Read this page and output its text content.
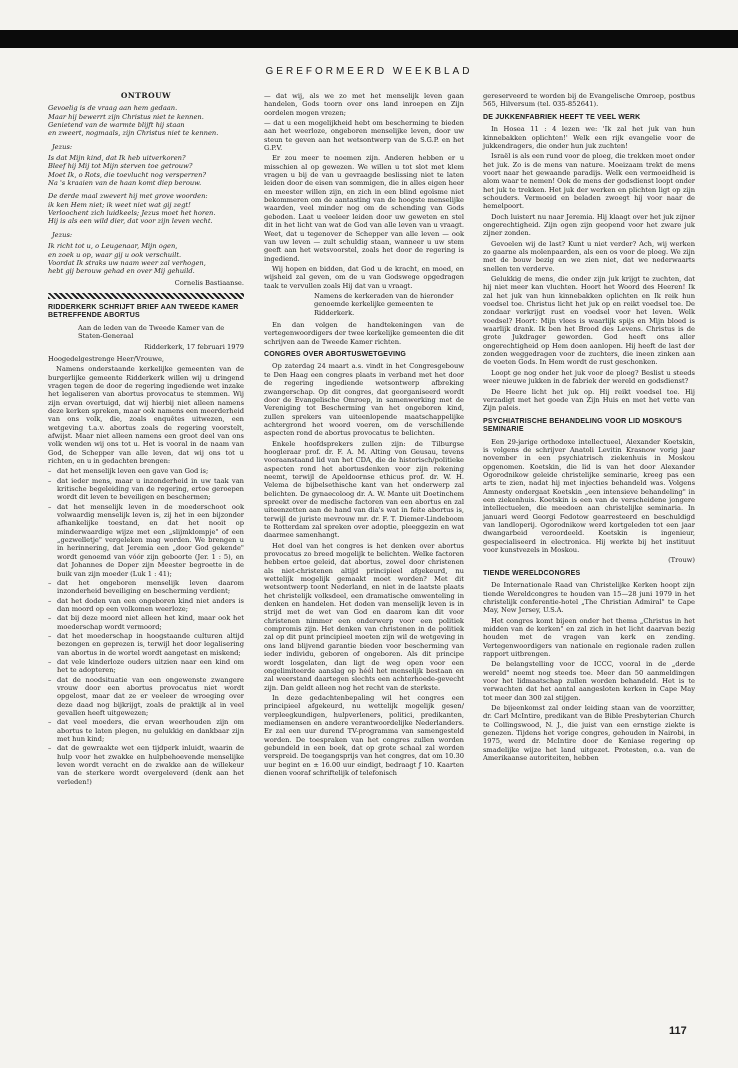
GEREFORMEERD WEEKBLAD
ONTROUW
Gevoelig is de vraag aan hem gedaan.
Maar hij bewerrt zijn Christus niet te kennen.
Genietend van de warmte blijft hij staan
en zweert, nogmaals, zijn Christus niet te kennen.
Jezus:
Is dat Mijn kind, dat Ik heb uitverkoren?
Bleef hij Mij tot Mijn sterven toe getrouw?
Moet Ik, o Rots, die toevlucht nog versperren?
Na 's kraaien van de haan komt diep berouw.
De derde maal zwevert hij met grove woorden:
ik ken Hem niet; ik weet niet wat gij zegt!
Verloochent zich luidkeels; Jezus moet het horen.
Hij is als een wild dier, dat voor zijn leven vecht.
Jezus:
Ik richt tot u, o Leugenaar, Mijn ogen,
en zoek u op, waar gij u ook verschuilt.
Voordat Ik straks uw naam weer zal verhogen,
hebt gij berouw gehad en over Mij gehuild.
Cornelis Bastiaanse.
RIDDERKERK SCHRIJFT BRIEF AAN TWEEDE KAMER BETREFFENDE ABORTUS
Aan de leden van de Tweede Kamer van de Staten-Generaal
Ridderkerk, 17 februari 1979

Hoogedelgestrenge Heer/Vrouwe,

Namens onderstaande kerkelijke gemeenten van de burgerlijke gemeente Ridderkerk willen wij u dringend vragen tegen de door de regering ingediende wet inzake het legaliseren van abortus provocatus te stemmen. Wij zijn ervan overtuigd, dat wij hierbij niet alleen namens deze kerken spreken, maar ook namens een meerderheid van ons volk, die, zoals enquêtes uitwezen, een wetgeving t.a.v. abortus zoals de regering voorstelt, afwijst. Maar niet alleen namens een groot deel van ons volk wenden wij ons tot u. Het is vooral in de naam van God, de Schepper van alle leven, dat wij ons tot u richten, en u in gedachten brengen:

– dat het menselijk leven een gave van God is;
– dat ieder mens, maar u inzonderheid in uw taak van kritische begeleiding van de regering, ertoe geroepen wordt dit leven te beveiligen en beschermen;
– dat het menselijk leven in de moederschoot ook volwaardig menselijk leven is, zij het in een bijzonder afhankelijke toestand, en dat het nooit op minderwaardige wijze met een „slijmklompje" of een „gezwelletje" vergeleken mag worden. We brengen u in herinnering, dat Jeremia een „door God gekende" wordt genoemd van vóór zijn geboorte (Jer. 1 : 5), en dat Johannes de Doper zijn Meester begroette in de buik van zijn moeder (Luk 1 : 41);
– dat het ongeboren menselijk leven daarom inzonderheid beveiliging en bescherming verdient;
– dat het doden van een ongeboren kind niet anders is dan moord op een volkomen weerloze;
– dat bij deze moord niet alleen het kind, maar ook het moederschap wordt vermoord;
– dat het moederschap in hoogstaande culturen altijd bezongen en geprezen is, terwijl het door legalisering van abortus in de wortel wordt aangetast en miskend;
– dat vele kinderloze ouders uitzien naar een kind om het te adopteren;
– dat de noodsituatie van een ongewenste zwangere vrouw door een abortus provocatus niet wordt opgelost, maar dat ze er veeleer de wroeging over deze daad nog bijkrijgt, zoals de praktijk al in veel gevallen heeft uitgewezen;
– dat veel moeders, die ervan weerhouden zijn om abortus te laten plegen, nu gelukkig en dankbaar zijn met hun kind;
– dat de gewraakte wet een tijdperk inluidt, waarin de hulp voor het zwakke en hulpbehoevende menselijke leven wordt veracht en de zwakke aan de willekeur van de sterkere wordt overgeleverd (denk aan het verleden!)

— dat wij, als we zo met het menselijk leven gaan handelen, Gods toorn over ons land inroepen en Zijn oordelen mogen vrezen;

— dat u een mogelijkheid hebt om bescherming te bieden aan het weerloze, ongeboren menselijke leven, door uw steun te geven aan het wetsontwerp van de S.G.P. en het G.P.V.

Er zou meer te noemen zijn. Anderen hebben er u misschien al op gewezen. We willen u tot slot met klem vragen u bij de van u gevraagde beslissing niet te laten leiden door de eisen van sommigen, die in alles eigen heer en meester willen zijn, en zich in een blind egoïsme niet bekommeren om de aantasting van de hoogste menselijke waarden, veel minder nog om de schending van Gods geboden. Laat u veeleer leiden door uw geweten en stel dit in het licht van wat de God van alle leven van u vraagt. Weet, dat u tegenover de Schepper van alle leven — ook van uw leven — zult schuldig staan, wanneer u uw stem geeft aan het wetsvoorstel, zoals het door de regering is ingediend.

Wij hopen en bidden, dat God u de kracht, en moed, en wijsheid zal geven, om de u van Godswege opgedragen taak te vervullen zoals Hij dat van u vraagt.

Namens de kerkeraden van de hieronder genoemde kerkelijke gemeenten te Ridderkerk.

En dan volgen de handtekeningen van de vertegenwoordigers der twee kerkelijke gemeenten die dit schrijven aan de Tweede Kamer richten.

CONGRES OVER ABORTUSWETGEVING

Op zaterdag 24 maart a.s. vindt in het Congresgebouw te Den Haag een congres plaats in verband met het door de regering ingediende wetsontwerp afbreking zwangerschap. Op dit congres, dat georganiseerd wordt door de Evangelische Omroep, in samenwerking met de Vereniging tot Bescherming van het ongeboren kind, zullen sprekers van uiteenlopende maatschappelijke achtergrond het woord voeren, om de verschillende aspecten rond de abortus provocatus te belichten.

Enkele hoofdsprekers zullen zijn: de Tilburgse hoogleraar prof. dr. F. A. M. Alting von Geusau, tevens vooraanstaand lid van het CDA, die de historisch/politieke aspecten rond het abortusdenken voor zijn rekening neemt, terwijl de Apeldoornse ethicus prof. dr. W. H. Velema de bijbelsethische kant van het onderwerp zal belichten. De gynaecoloog dr. A. W. Mante uit Doetinchem spreekt over de medische factoren van een abortus en zal uiteenzetten aan de hand van dia's wat in feite abortus is, terwijl de juriste mevrouw mr. dr. F. T. Diemer-Lindeboom te Rotterdam zal spreken over adoptie, pleeggezin en wat daarmee samenhangt.

Het doel van het congres is het denken over abortus provocatus zo breed mogelijk te belichten. Welke factoren hebben ertoe geleid, dat abortus, zowel door christenen als niet-christenen altijd principieel afgekeurd, nu wettelijk mogelijk gemaakt moet worden? Met dit wetsontwerp toont Nederland, en niet in de laatste plaats het christelijk volksdeel, een dramatische omwenteling in denken en handelen. Het doden van menselijk leven is in strijd met de wet van God en daarom kan dit voor christenen nimmer een onderwerp voor een politiek compromis zijn. Het denken van christenen in de politiek zal op dit punt principieel moeten zijn wil de wetgeving in ons land blijvend garantie bieden voor bescherming van ieder individu, geboren of ongeboren. Als dit principe wordt losgelaten, dan ligt de weg open voor een ongelimiteerde aanslag op héél het menselijk bestaan en zal weerstand daartegen slechts een achterhoede-gevecht zijn. Dan geldt alleen nog het recht van de sterkste.

In deze gedachtenbepaling wil het congres een principieel afgekeurd, nu wettelijk mogelijk gesen/ verpleegkundigen, hulpverleners, politici, predikanten, mediamensen en andere verantwoordelijke Nederlanders. Er zal een uur durend TV-programma van samengesteld worden. De toespraken van het congres zullen worden gebundeld in een boek, dat op grote schaal zal worden verspreid. De toegangsprijs van het congres, dat om 10.30 uur begint en ± 16.00 uur eindigt, bedraagt ƒ 10. Kaarten dienen vooraf schriftelijk of telefonisch

gereserveerd te worden bij de Evangelische Omroep, postbus 565, Hilversum (tel. 035-852641).

DE JUKKENFABRIEK HEEFT TE VEEL WERK

In Hosea 11 : 4 lezen we: 'Ik zal het juk van hun kinnebakken oplichten!' Welk een rijk evangelie voor de jukkendragers, die onder hun juk zuchten!

Israël is als een rund voor de ploeg, die trekken moet onder het juk. Zo is de mens van nature. Moeizaam trekt de mens voort naar het gewaande paradijs. Welk een vermoeidheid is alom waar te nemen! Ook de mens der godsdienst loopt onder het juk te trekken. Het juk der werken en plichten ligt op zijn schouders. Vermoeid en beladen zwoegt hij voor naar de hemelpoort.

Doch luistert nu naar Jeremia. Hij klaagt over het juk zijner ongerechtigheid. Zijn ogen zijn geopend voor het zware juk zijner zonden.

Gevoelen wij de last? Kunt u niet verder? Ach, wij werken zo gaarne als molenpaarden, als een os voor de ploeg. We zijn met de bouw bezig en we zien niet, dat we nederwaarts snellen ten verderve.

Gelukkig de mens, die onder zijn juk krijgt te zuchten, dat hij niet meer kan vluchten. Hoort het Woord des Heeren! Ik zal het juk van hun kinnebakken oplichten en Ik reik hun voedsel toe. Christus licht het juk op en reikt voedsel toe. De zondaar verkrijgt rust en voedsel voor het leven. Welk voedsel? Hoort: Mijn vlees is waarlijk spijs en Mijn bloed is waarlijk drank. Ik ben het Brood des Levens. Christus is de grote Jukdrager geworden. God heeft ons aller ongerechtigheid op Hem doen aanlopen. Hij heeft de last der zonden weggedragen voor de zuchters, die ineen zinken aan de voeten Gods. In Hem wordt de rust geschonken.

Loopt ge nog onder het juk voor de ploeg? Beslist u steeds weer nieuwe jukken in de fabriek der wereld en godsdienst?

De Heere licht het juk op. Hij reikt voedsel toe. Hij verzadigt met het goede van Zijn Huis en met het vette van Zijn paleis.

PSYCHIATRISCHE BEHANDELING VOOR LID MOSKOU'S SEMINARIE

Een 29-jarige orthodoxe intellectueel, Alexander Koetskin, is volgens de schrijver Anatoli Levitin Krasnow vorig jaar november in een psychiatrisch ziekenhuis in Moskou opgenomen. Koetskin, die lid is van het door Alexander Ogorodnikow geleide christelijke seminarie, kreeg pas een arts te zien, nadat hij met injecties behandeld was. Volgens Amnesty ondergaat Koetskin „een intensieve behandeling" in een ziekenhuis. Koetskin is een van de verscheidene jongere intellectuelen, die meedoen aan christelijke seminaria. In januari werd Georgi Fedotow gearresteerd en beschuldigd van landloperij. Ogorodnikow werd kortgeleden tot een jaar dwangarbeid veroordeeld. Koetskin is ingenieur, gespecialiseerd in electronica. Hij werkte bij het instituut voor kunstvezels in Moskou.

(Trouw)
TIENDE WERELDCONGRES

De Internationale Raad van Christelijke Kerken hoopt zijn tiende Wereldcongres te houden van 15—28 juni 1979 in het christelijk conferentie-hotel „The Christian Admiral" te Cape May, New Jersey, U.S.A.

Het congres komt bijeen onder het thema „Christus in het midden van de kerken" en zal zich in het licht daarvan bezig houden met de vragen van kerk en zending. Vertegenwoordigers van nationale en regionale raden zullen rapport uitbrengen.

De belangstelling voor de ICCC, vooral in de „derde wereld" neemt nog steeds toe. Meer dan 50 aanmeldingen voor het lidmaatschap zullen worden behandeld. Het is te verwachten dat het aantal aangesloten kerken in Cape May tot meer dan 300 zal stijgen.

De bijeenkomst zal onder leiding staan van de voorzitter, dr. Carl McIntire, predikant van de Bible Presbyterian Church te Collingswood, N. J., die juist van een ernstige ziekte is genezen. Tijdens het vorige congres, gehouden in Nairobi, in 1975, werd dr. McIntire door de Keniase regering op smadelijke wijze het land uitgezet. Protesten, o.a. van de Amerikaanse autoriteiten, hebben

117
